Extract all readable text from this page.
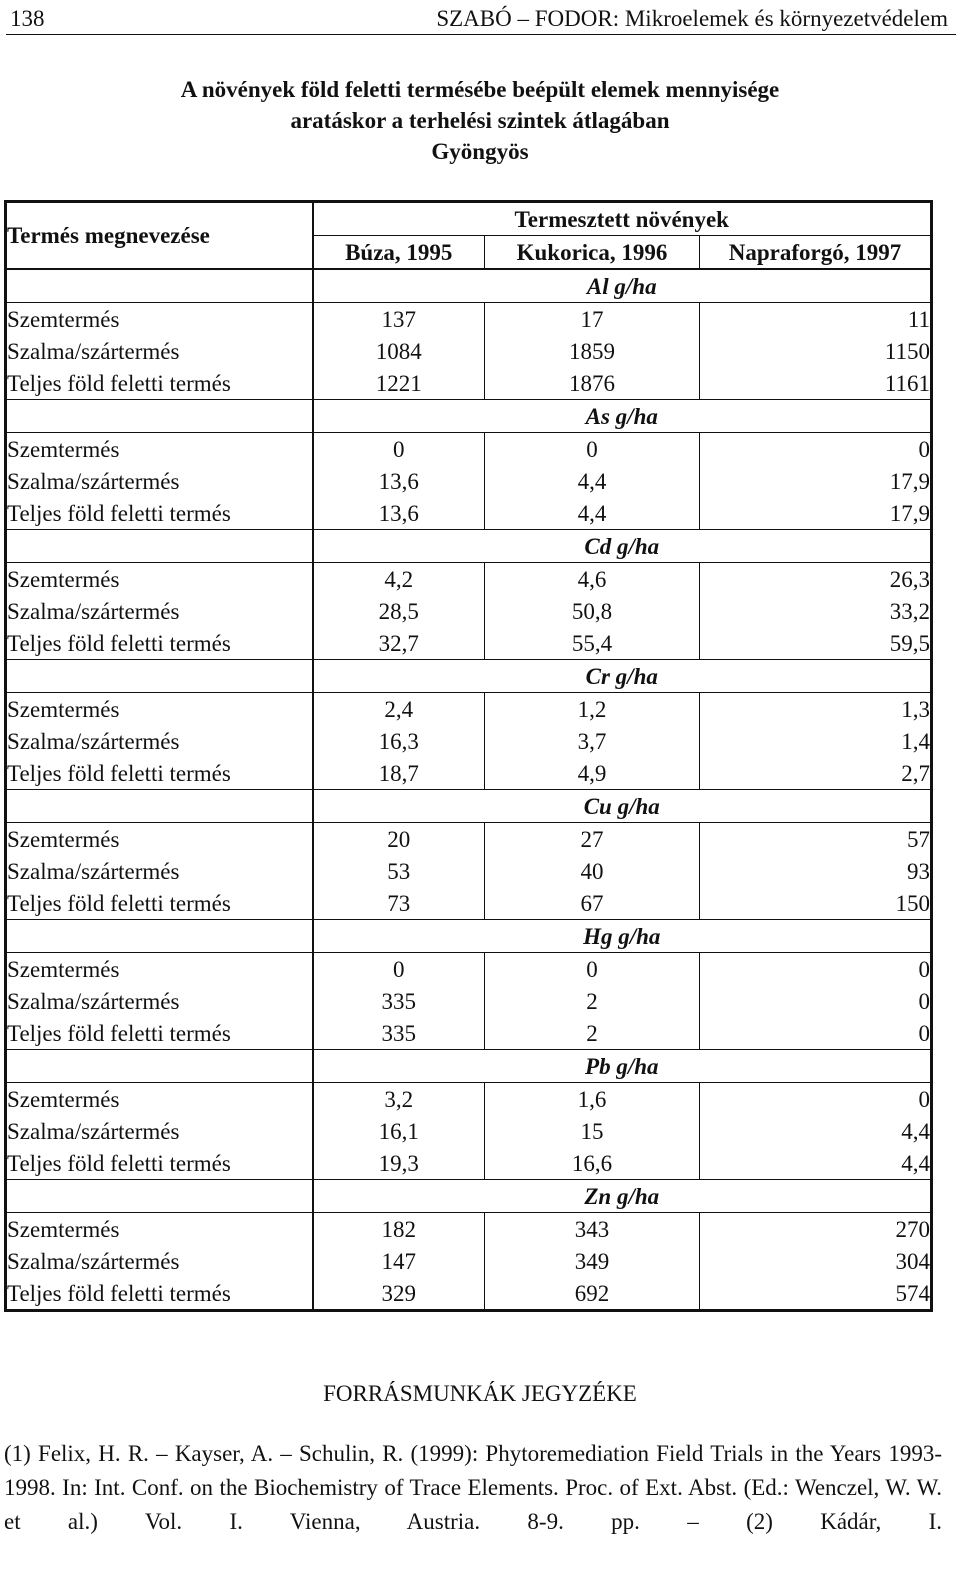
138	SZABÓ – FODOR: Mikroelemek és környezetvédelem
A növények föld feletti termésébe beépült elemek mennyisége
aratáskor a terhelési szintek átlagában
Gyöngyös
Termés megnevezése	Termesztett növények		
	Búza, 1995	Kukorica, 1996	Napraforgó, 1997
	Al g/ha		
Szemtermés	137	17	11
Szalma/szártermés	1084	1859	1150
Teljes föld feletti termés	1221	1876	1161
	As g/ha		
Szemtermés	0	0	0
Szalma/szártermés	13,6	4,4	17,9
Teljes föld feletti termés	13,6	4,4	17,9
	Cd g/ha		
Szemtermés	4,2	4,6	26,3
Szalma/szártermés	28,5	50,8	33,2
Teljes föld feletti termés	32,7	55,4	59,5
	Cr g/ha		
Szemtermés	2,4	1,2	1,3
Szalma/szártermés	16,3	3,7	1,4
Teljes föld feletti termés	18,7	4,9	2,7
	Cu g/ha		
Szemtermés	20	27	57
Szalma/szártermés	53	40	93
Teljes föld feletti termés	73	67	150
	Hg g/ha		
Szemtermés	0	0	0
Szalma/szártermés	335	2	0
Teljes föld feletti termés	335	2	0
	Pb g/ha		
Szemtermés	3,2	1,6	0
Szalma/szártermés	16,1	15	4,4
Teljes föld feletti termés	19,3	16,6	4,4
	Zn g/ha		
Szemtermés	182	343	270
Szalma/szártermés	147	349	304
Teljes föld feletti termés	329	692	574
FORRÁSMUNKÁK JEGYZÉKE
(1) Felix, H. R. – Kayser, A. – Schulin, R. (1999): Phytoremediation Field Trials in the Years 1993-1998. In: Int. Conf. on the Biochemistry of Trace Elements. Proc. of Ext. Abst. (Ed.: Wenczel, W. W. et al.) Vol. I. Vienna, Austria. 8-9. pp. – (2) Kádár, I.
